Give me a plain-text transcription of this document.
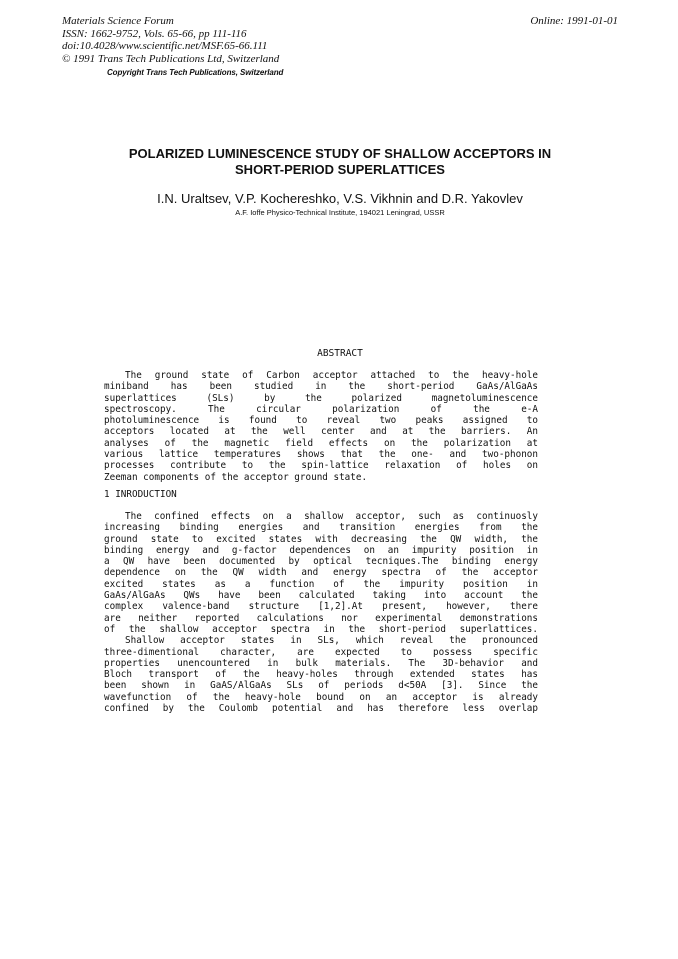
Materials Science Forum
ISSN: 1662-9752, Vols. 65-66, pp 111-116
doi:10.4028/www.scientific.net/MSF.65-66.111
© 1991 Trans Tech Publications Ltd, Switzerland
Online: 1991-01-01
Copyright Trans Tech Publications, Switzerland
POLARIZED LUMINESCENCE STUDY OF SHALLOW ACCEPTORS IN
SHORT-PERIOD SUPERLATTICES
I.N. Uraltsev, V.P. Kochereshko, V.S. Vikhnin and D.R. Yakovlev
A.F. Ioffe Physico-Technical Institute, 194021 Leningrad, USSR
ABSTRACT
The ground state of Carbon acceptor attached to the heavy-hole
miniband has been studied in the short-period GaAs/AlGaAs
superlattices (SLs) by the polarized magnetoluminescence
spectroscopy. The circular polarization of the e-A
photoluminescence is found to reveal two peaks assigned to
acceptors located at the well center and at the barriers. An
analyses of the magnetic field effects on the polarization at
various lattice temperatures shows that the one- and two-phonon
processes contribute to the spin-lattice relaxation of holes on
Zeeman components of the acceptor ground state.
1 INRODUCTION
The confined effects on a shallow acceptor, such as continuosly
increasing binding energies and transition energies from the
ground state to excited states with decreasing the QW width, the
binding energy and g-factor dependences on an impurity position in
a QW have been documented by optical tecniques.The binding energy
dependence on the QW width and energy spectra of the acceptor
excited states as a function of the impurity position in
GaAs/AlGaAs QWs have been calculated taking into account the
complex valence-band structure [1,2].At present, however, there
are neither reported calculations nor experimental demonstrations
of the shallow acceptor spectra in the short-period superlattices.
Shallow acceptor states in SLs, which reveal the pronounced
three-dimentional character, are expected to possess specific
properties unencountered in bulk materials. The 3D-behavior and
Bloch transport of the heavy-holes through extended states has
been shown in GaAS/AlGaAs SLs of periods d<50A [3]. Since the
wavefunction of the heavy-hole bound on an acceptor is already
confined by the Coulomb potential and has therefore less overlap
